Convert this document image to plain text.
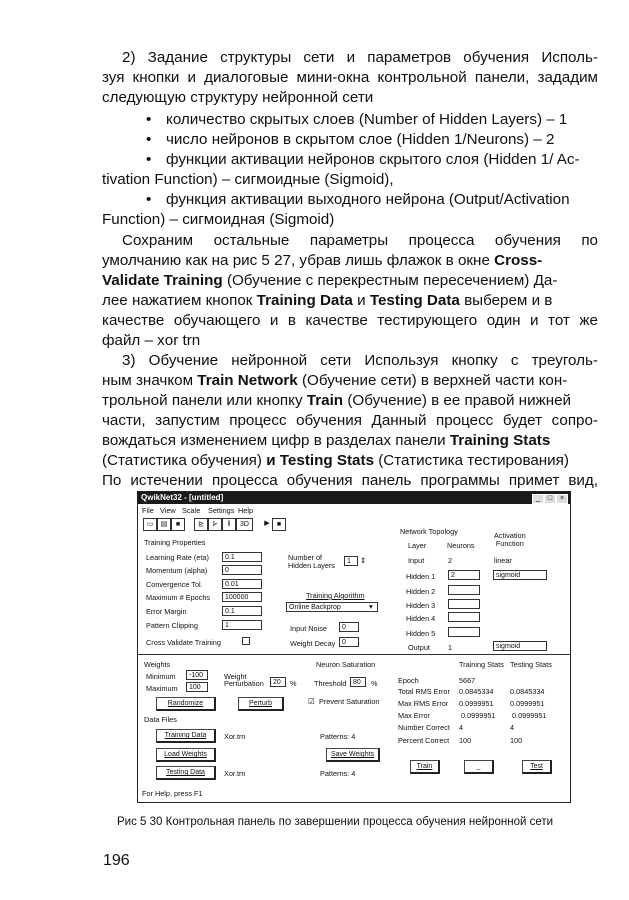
2) Задание структуры сети и параметров обучения Исполь-
зуя кнопки и диалоговые мини-окна контрольной панели, зададим
следующую структуру нейронной сети
• количество скрытых слоев (Number of Hidden Layers) – 1
• число нейронов в скрытом слое (Hidden 1/Neurons) – 2
• функции активации нейронов скрытого слоя (Hidden 1/ Ac-
tivation Function) – сигмоидные (Sigmoid),
• функция активации выходного нейрона (Output/Activation
Function) – сигмоидная (Sigmoid)
Сохраним остальные параметры процесса обучения по
умолчанию как на рис 5 27, убрав лишь флажок в окне Cross-
Validate Training (Обучение с перекрестным пересечением) Да-
лее нажатием кнопок Training Data и Testing Data выберем и в
качестве обучающего и в качестве тестирующего один и тот же
файл – xor trn
3) Обучение нейронной сети Используя кнопку с треуголь-
ным значком Train Network (Обучение сети) в верхней части кон-
трольной панели или кнопку Train (Обучение) в ее правой нижней
части, запустим процесс обучения Данный процесс будет сопро-
вождаться изменением цифр в разделах панели Training Stats
(Статистика обучения) и Testing Stats (Статистика тестирования)
По истечении процесса обучения панель программы примет вид,
QwikNet32 - [untitled]	_	□	×
File View Scale Settings Help
▭	▤	■	⊵	⊱	‖	3D	▶	■
Training Properties
Learning Rate (eta)	0.1
Momentum (alpha)	0
Convergence Tol.	0.01
Maximum # Epochs	100000
Error Margin	0.1
Pattern Clipping	1
Cross Validate Training
Number of
Hidden Layers	1	⇕
Training Algorithm
Online Backprop	▾
Input Noise	0
Weight Decay 0
Network Topology
Layer	Neurons
Activation
Function
Input	2	linear
Hidden 1	2	sigmoid
Hidden 2
Hidden 3
Hidden 4
Hidden 5
Output 1	sigmoid
Weights
Minimum	-100
Maximum	100
Weight
Perturbation	20	%
Randomize	Perturb
Neuron Saturation
Threshold 80	%
☑ Prevent Saturation
Training Stats Testing Stats
Epoch	5667
Total RMS Error 0.0845334 0.0845334
Max RMS Error 0.0999951 0.0999951
Max Error	0.0999951 0.0999951
Number Correct 4	4
Percent Correct 100	100
Data Files
Training Data	Xor.trn	Patterns: 4
Load Weights	Save Weights
Testing Data	Xor.trn	Patterns: 4
Train	_	Test
For Help, press F1
Рис 5 30 Контрольная панель по завершении процесса обучения нейронной сети
196
